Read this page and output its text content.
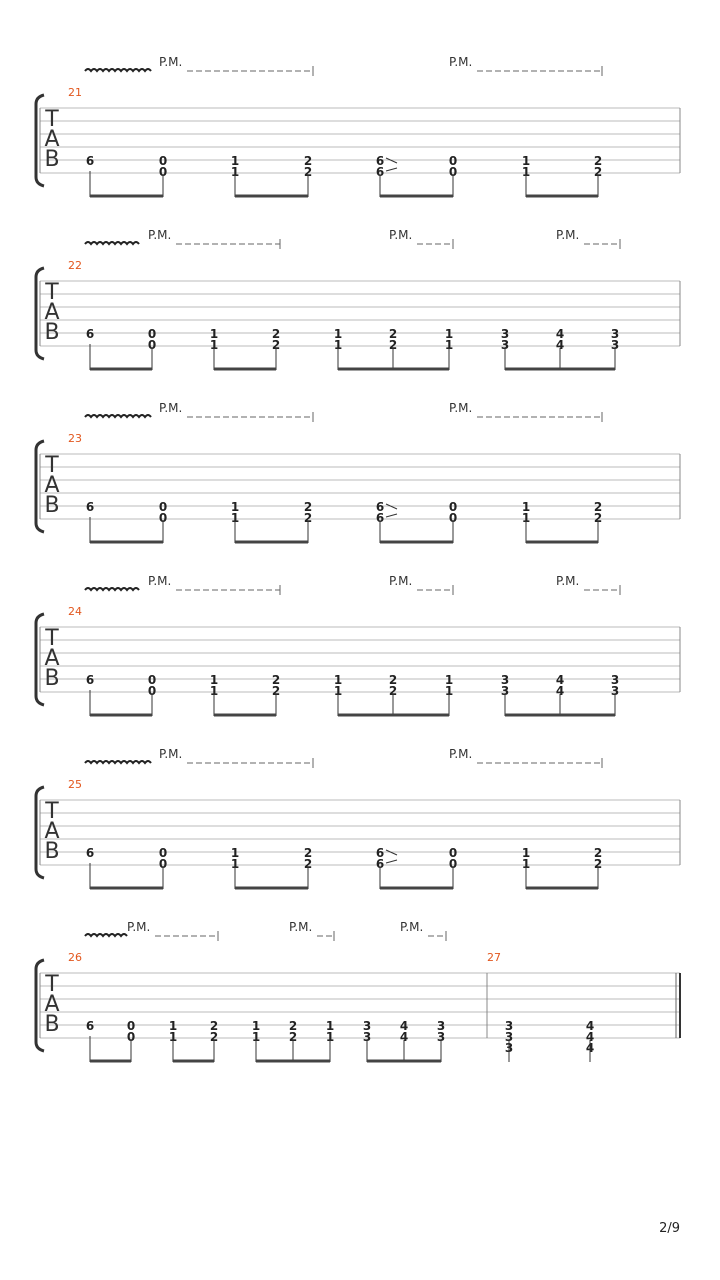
T
A
B
21
P.M.	P.M.
6	0
0
1
1
2
2
6
6
0
0
1
1
2
2
T
A
B
22
P.M.	P.M.	P.M.
6	0
0
1
1
2
2
1
1
2
2
1
1
3
3
4
4
3
3
T
A
B
23
P.M.	P.M.
6	0
0
1
1
2
2
6
6
0
0
1
1
2
2
T
A
B
24
P.M.	P.M.	P.M.
6	0
0
1
1
2
2
1
1
2
2
1
1
3
3
4
4
3
3
T
A
B
25
P.M.	P.M.
6	0
0
1
1
2
2
6
6
0
0
1
1
2
2
T
A
B
26	27
P.M.	P.M.	P.M.
6	0
0
1
1
2
2
1
1
2
2
1
1
3
3
4
4
3
3
3
3
3
4
4
4
2/9
